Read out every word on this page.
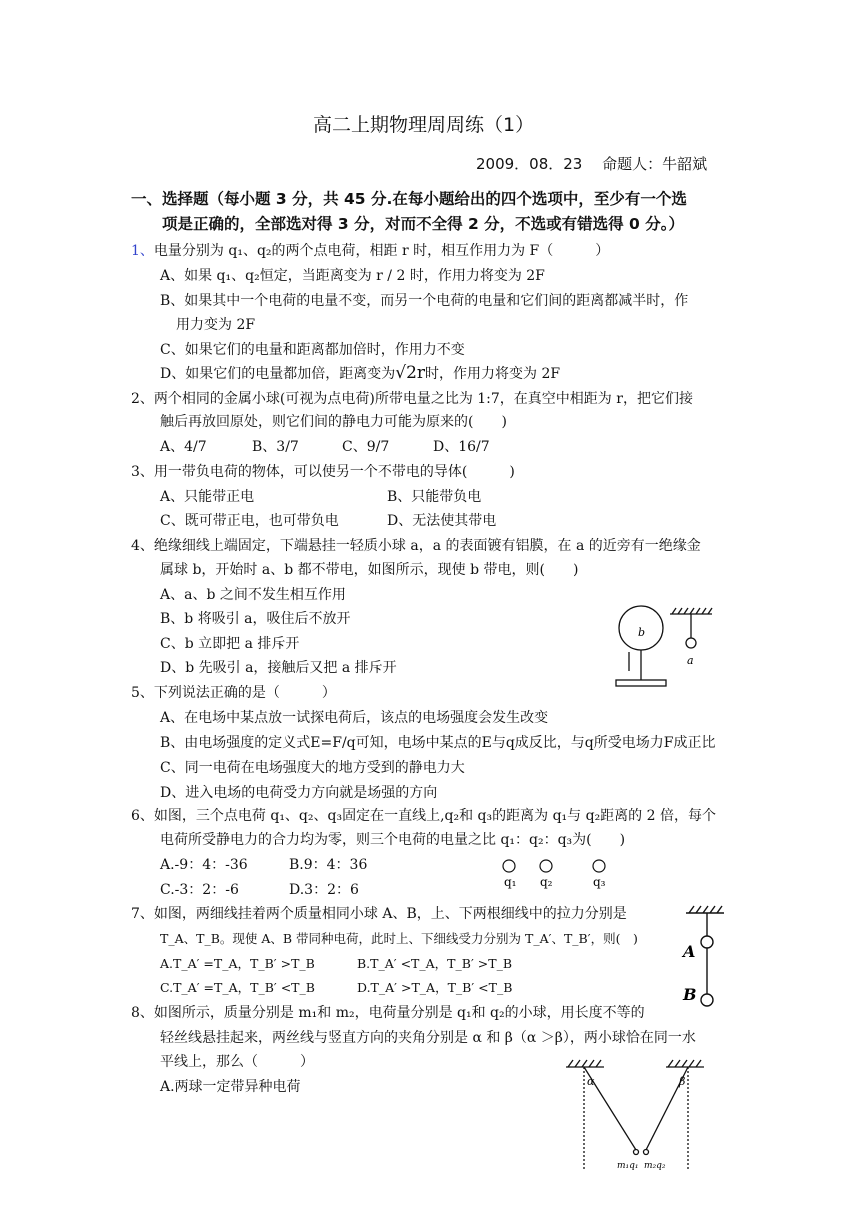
高二上期物理周周练（1）
2009．08．23　 命题人：牛韶斌
一、选择题（每小题 3 分，共 45 分.在每小题给出的四个选项中，至少有一个选
项是正确的，全部选对得 3 分，对而不全得 2 分，不选或有错选得 0 分。）
1、电量分别为 q₁、q₂的两个点电荷，相距 r 时，相互作用力为 F（　　　）
A、如果 q₁、q₂恒定，当距离变为 r / 2 时，作用力将变为 2F
B、如果其中一个电荷的电量不变，而另一个电荷的电量和它们间的距离都减半时，作
用力变为 2F
C、如果它们的电量和距离都加倍时，作用力不变
D、如果它们的电量都加倍，距离变为√2r时，作用力将变为 2F
2、两个相同的金属小球(可视为点电荷)所带电量之比为 1:7，在真空中相距为 r，把它们接
触后再放回原处，则它们间的静电力可能为原来的(　　)
A、4/7	B、3/7	C、9/7	D、16/7
3、用一带负电荷的物体，可以使另一个不带电的导体(　　　)
A、只能带正电	B、只能带负电
C、既可带正电，也可带负电	D、无法使其带电
4、绝缘细线上端固定，下端悬挂一轻质小球 a，a 的表面镀有铝膜，在 a 的近旁有一绝缘金
属球 b，开始时 a、b 都不带电，如图所示，现使 b 带电，则(　　)
A、a、b 之间不发生相互作用
B、b 将吸引 a，吸住后不放开
C、b 立即把 a 排斥开
D、b 先吸引 a，接触后又把 a 排斥开
b
a
5、下列说法正确的是（　　　）
A、在电场中某点放一试探电荷后，该点的电场强度会发生改变
B、由电场强度的定义式E=F/q可知，电场中某点的E与q成反比，与q所受电场力F成正比
C、同一电荷在电场强度大的地方受到的静电力大
D、进入电场的电荷受力方向就是场强的方向
6、如图，三个点电荷 q₁、q₂、q₃固定在一直线上,q₂和 q₃的距离为 q₁与 q₂距离的 2 倍，每个
电荷所受静电力的合力均为零，则三个电荷的电量之比 q₁：q₂：q₃为(　　)
A.-9：4：-36	B.9：4：36
C.-3：2：-6	D.3：2：6	q₁ q₂	q₃
7、如图，两细线挂着两个质量相同小球 A、B，上、下两根细线中的拉力分别是
T_A、T_B。现使 A、B 带同种电荷，此时上、下细线受力分别为 T_A′、T_B′，则(　)
A.T_A′ =T_A，T_B′ >T_B	B.T_A′ <T_A，T_B′ >T_B
C.T_A′ =T_A，T_B′ <T_B	D.T_A′ >T_A，T_B′ <T_B
A
B
8、如图所示，质量分别是 m₁和 m₂，电荷量分别是 q₁和 q₂的小球，用长度不等的
轻丝线悬挂起来，两丝线与竖直方向的夹角分别是 α 和 β（α ＞β），两小球恰在同一水
平线上，那么（　　　）
A.两球一定带异种电荷	α	β
m₁q₁ m₂q₂
